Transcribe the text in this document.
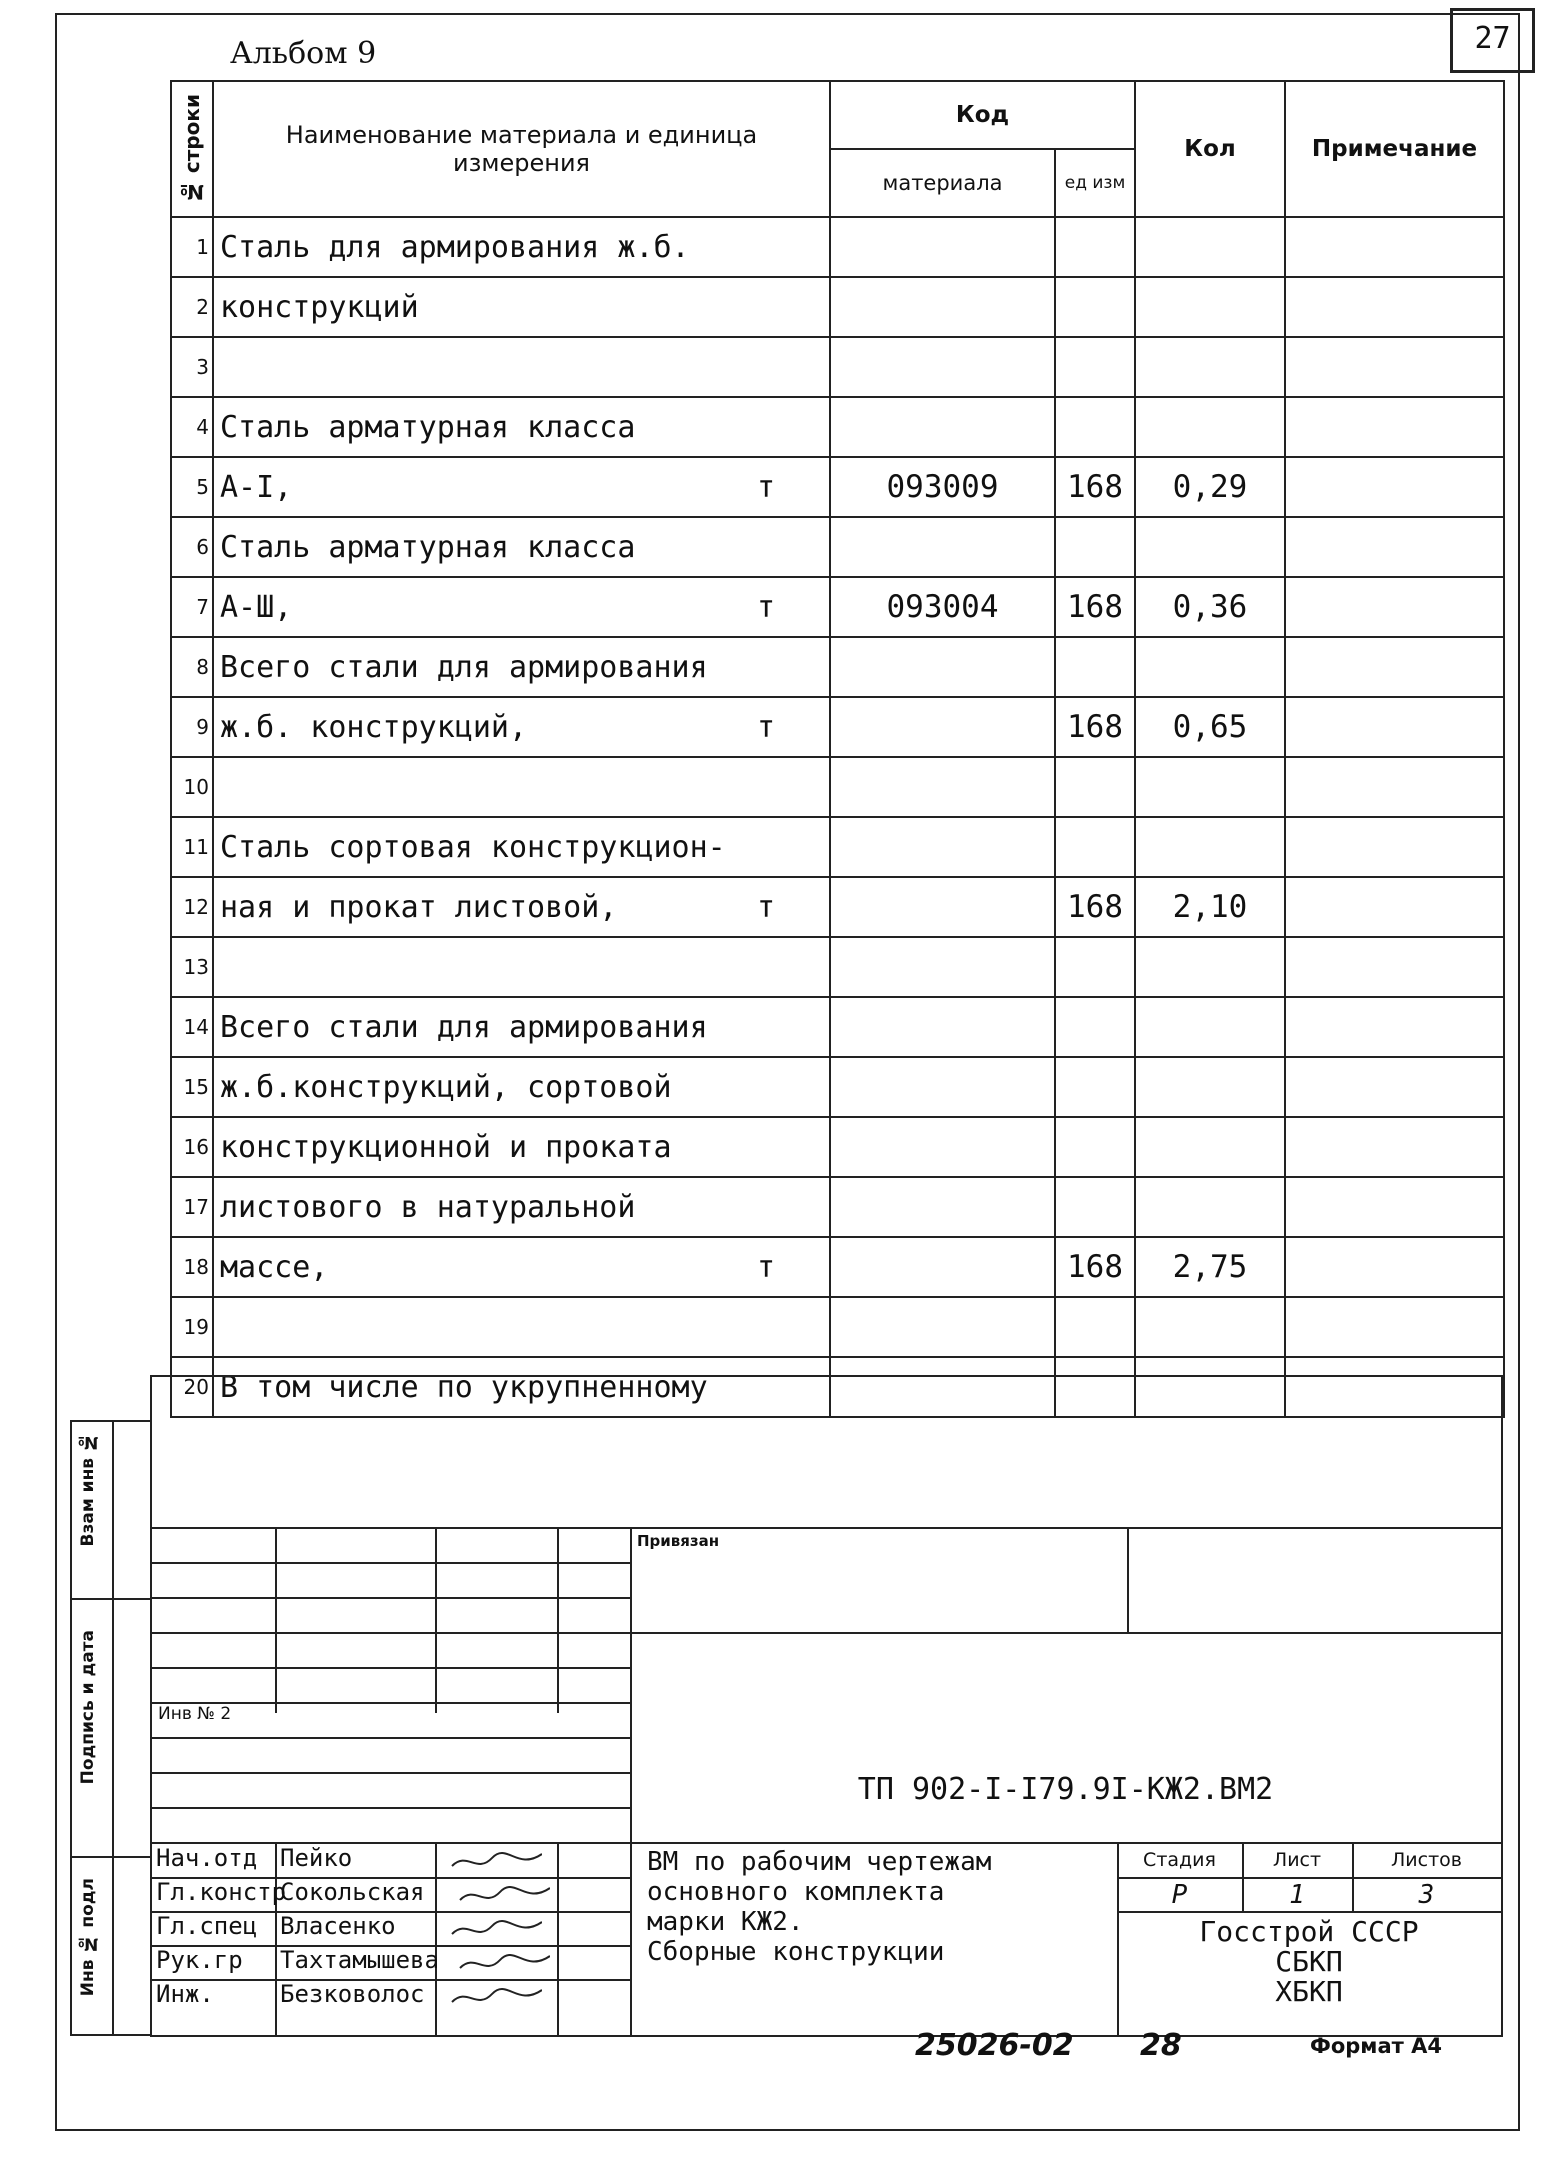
Альбом 9	27
№ строки	Наименование материала и единица измерения	Код		Кол	Примечание
		материала	ед изм		
1	Сталь для армирования ж.б.

2	конструкций

3	

4	Сталь арматурная класса

5	А-I, т	093009	168	0,29	
6	Сталь арматурная класса

7	А-Ш, т	093004	168	0,36	
8	Всего стали для армирования

9	ж.б. конструкций, т		168	0,65	
10	

11	Сталь сортовая конструкцион-

12	ная и прокат листовой, т		168	2,10	
13	

14	Всего стали для армирования

15	ж.б.конструкций, сортовой

16	конструкционной и проката

17	листового в натуральной

18	массе, т		168	2,75	
19	

20	В том числе по укрупненному

Взам инв №
Подпись и дата
Инв № подл
Привязан
Инв № 2
ТП 902-I-I79.9I-КЖ2.ВМ2
Нач.отд Пейко
Гл.констр
Сокольская
Гл.спец Власенко
Рук.гр Тахтамышева
Инж.	Безковолос
ВМ по рабочим чертежам
основного комплекта
марки КЖ2.
Сборные конструкции
Стадия	Лист	Листов
Р	1	3
Госстрой СССР
СБКП
ХБКП
25026-02 28	Формат А4
